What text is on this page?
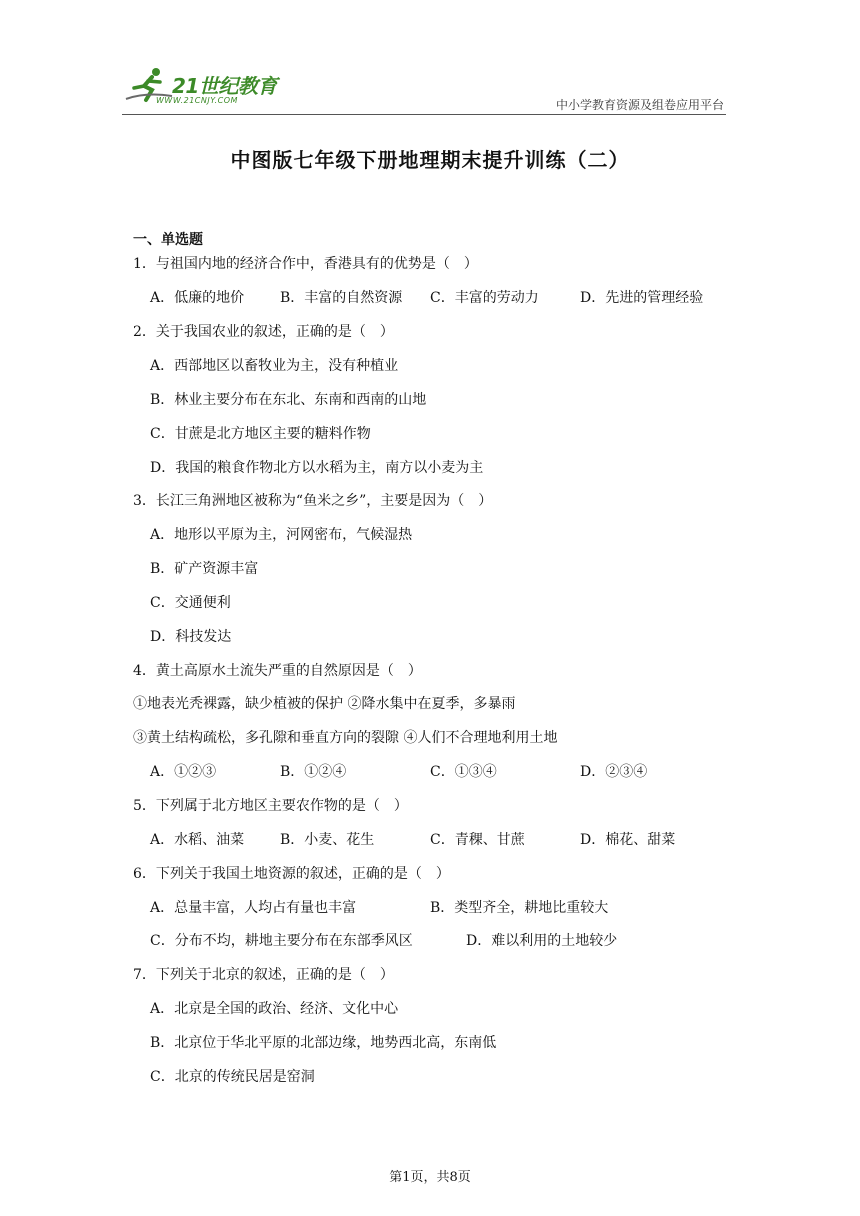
21世纪教育
WWW.21CNJY.COM	中小学教育资源及组卷应用平台
中图版七年级下册地理期末提升训练（二）
一、单选题
1．与祖国内地的经济合作中，香港具有的优势是（　）
A．低廉的地价	B．丰富的自然资源 C．丰富的劳动力	D．先进的管理经验
2．关于我国农业的叙述，正确的是（　）
A．西部地区以畜牧业为主，没有种植业
B．林业主要分布在东北、东南和西南的山地
C．甘蔗是北方地区主要的糖料作物
D．我国的粮食作物北方以水稻为主，南方以小麦为主
3．长江三角洲地区被称为“鱼米之乡”，主要是因为（　）
A．地形以平原为主，河网密布，气候湿热
B．矿产资源丰富
C．交通便利
D．科技发达
4．黄土高原水土流失严重的自然原因是（　）
①地表光秃裸露，缺少植被的保护 ②降水集中在夏季，多暴雨
③黄土结构疏松，多孔隙和垂直方向的裂隙 ④人们不合理地利用土地
A．①②③	B．①②④	C．①③④	D．②③④
5．下列属于北方地区主要农作物的是（　）
A．水稻、油菜	B．小麦、花生	C．青稞、甘蔗	D．棉花、甜菜
6．下列关于我国土地资源的叙述，正确的是（　）
A．总量丰富，人均占有量也丰富	B．类型齐全，耕地比重较大
C．分布不均，耕地主要分布在东部季风区	D．难以利用的土地较少
7．下列关于北京的叙述，正确的是（　）
A．北京是全国的政治、经济、文化中心
B．北京位于华北平原的北部边缘，地势西北高，东南低
C．北京的传统民居是窑洞
第1页，共8页
